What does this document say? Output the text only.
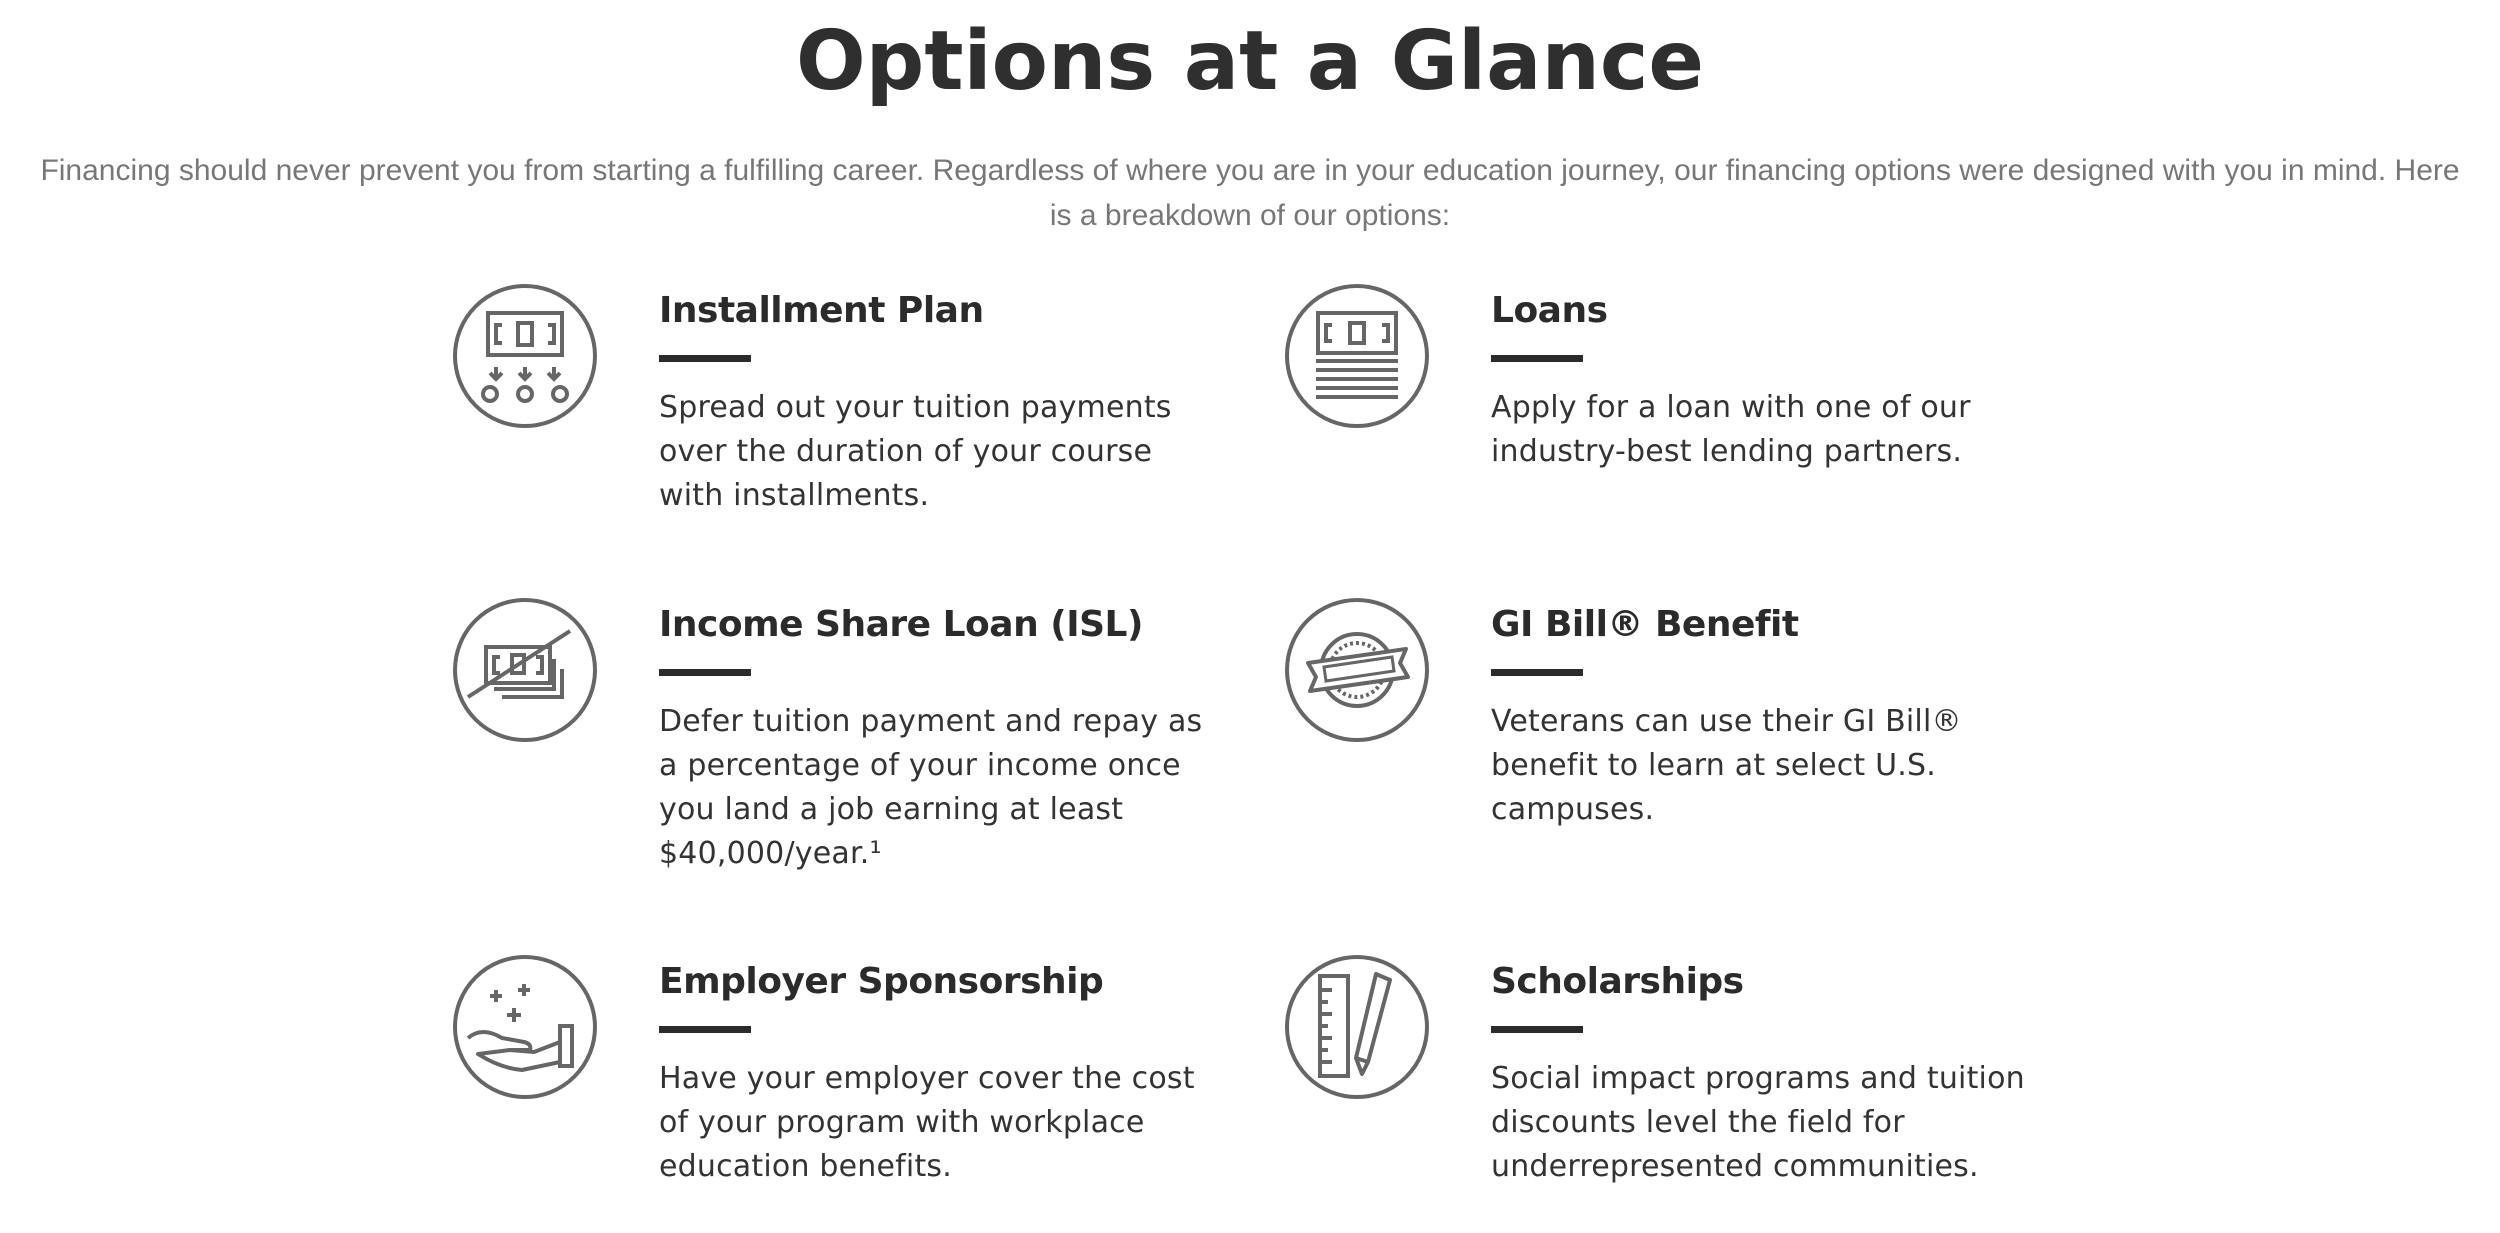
Options at a Glance

Financing should never prevent you from starting a fulfilling career. Regardless of where you are in your education journey, our financing options were designed with you in mind. Here is a breakdown of our options:

Installment Plan

Spread out your tuition payments over the duration of your course with installments.

Loans

Apply for a loan with one of our industry-best lending partners.

Income Share Loan (ISL)

Defer tuition payment and repay as a percentage of your income once you land a job earning at least $40,000/year.¹

GI Bill® Benefit

Veterans can use their GI Bill® benefit to learn at select U.S. campuses.

Employer Sponsorship

Have your employer cover the cost of your program with workplace education benefits.

Scholarships

Social impact programs and tuition discounts level the field for underrepresented communities.
